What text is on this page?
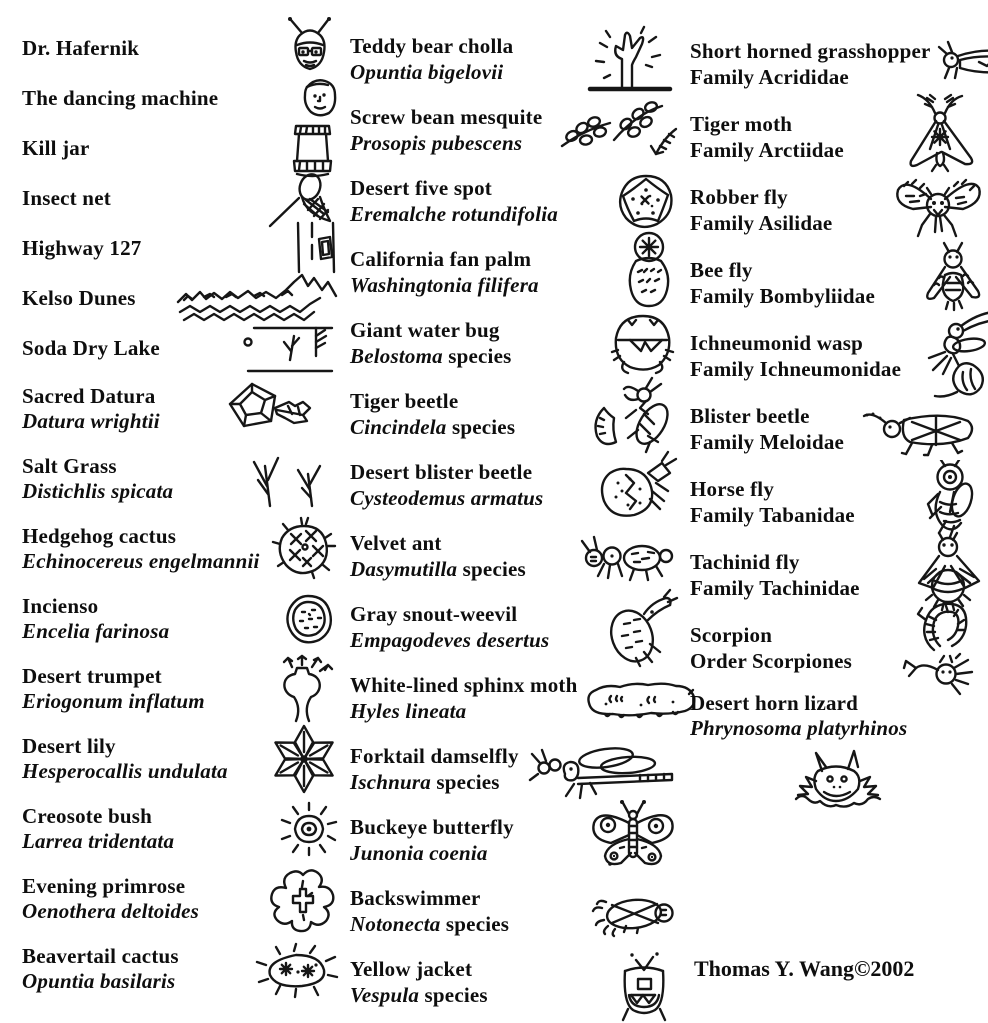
Dr. Hafernik
The dancing machine
Kill jar
Insect net
Highway 127
Kelso Dunes
Soda Dry Lake
Sacred Datura
Datura wrightii
Salt Grass
Distichlis spicata
Hedgehog cactus
Echinocereus engelmannii
Incienso
Encelia farinosa
Desert trumpet
Eriogonum inflatum
Desert lily
Hesperocallis undulata
Creosote bush
Larrea tridentata
Evening primrose
Oenothera deltoides
Beavertail cactus
Opuntia basilaris
Teddy bear cholla
Opuntia bigelovii
Screw bean mesquite
Prosopis pubescens
Desert five spot
Eremalche rotundifolia
California fan palm
Washingtonia filifera
Giant water bug
Belostoma species
Tiger beetle
Cincindela species
Desert blister beetle
Cysteodemus armatus
Velvet ant
Dasymutilla species
Gray snout-weevil
Empagodeves desertus
White-lined sphinx moth
Hyles lineata
Forktail damselfly
Ischnura species
Buckeye butterfly
Junonia coenia
Backswimmer
Notonecta species
Yellow jacket
Vespula species
Short horned grasshopper
Family Acrididae
Tiger moth
Family Arctiidae
Robber fly
Family Asilidae
Bee fly
Family Bombyliidae
Ichneumonid wasp
Family Ichneumonidae
Blister beetle
Family Meloidae
Horse fly
Family Tabanidae
Tachinid fly
Family Tachinidae
Scorpion
Order Scorpiones
Desert horn lizard
Phrynosoma platyrhinos
Thomas Y. Wang©2002
